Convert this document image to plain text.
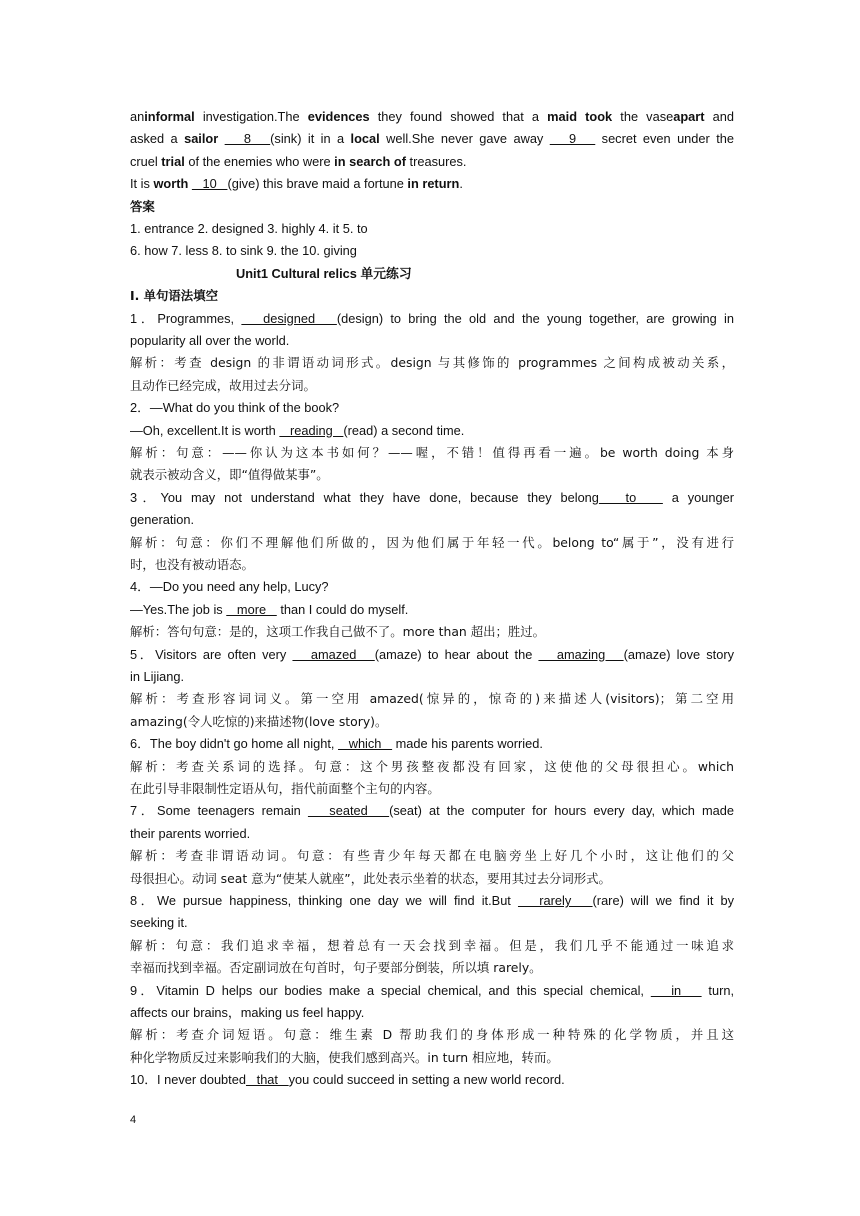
aninformal investigation.The evidences they found showed that a maid took the vaseapart and
asked a sailor    8   (sink) it in a local well.She never gave away    9    secret even under the
cruel trial of the enemies who were in search of treasures.
It is worth    10   (give) this brave maid a fortune in return.
答案
1. entrance 2. designed 3. highly 4. it 5. to
6. how 7. less 8. to sink 9. the 10. giving
Unit1 Cultural relics 单元练习
Ⅰ. 单句语法填空
1．Programmes,    designed   (design) to bring the old and the young together, are growing in
popularity all over the world.
解析：考查 design 的非谓语动词形式。design 与其修饰的 programmes 之间构成被动关系，
且动作已经完成，故用过去分词。
2．—What do you think of the book?
—Oh, excellent.It is worth    reading   (read) a second time.
解析：句意：——你认为这本书如何？——喔，不错！值得再看一遍。be worth doing 本身
就表示被动含义，即“值得做某事”。
3．You may not understand what they have done, because they belong   to    a younger
generation.
解析：句意：你们不理解他们所做的，因为他们属于年轻一代。belong to“属于”，没有进行
时，也没有被动语态。
4．—Do you need any help, Lucy?
—Yes.The job is    more    than I could do myself.
解析：答句句意：是的，这项工作我自己做不了。more than 超出；胜过。
5．Visitors are often very    amazed   (amaze) to hear about the    amazing   (amaze) love story
in Lijiang.
解析：考查形容词词义。第一空用 amazed(惊异的，惊奇的)来描述人(visitors)；第二空用
amazing(令人吃惊的)来描述物(love story)。
6．The boy didn't go home all night,    which    made his parents worried.
解析：考查关系词的选择。句意：这个男孩整夜都没有回家，这使他的父母很担心。which
在此引导非限制性定语从句，指代前面整个主句的内容。
7．Some teenagers remain    seated   (seat) at the computer for hours every day, which made
their parents worried.
解析：考查非谓语动词。句意：有些青少年每天都在电脑旁坐上好几个小时，这让他们的父
母很担心。动词 seat 意为“使某人就座”，此处表示坐着的状态，要用其过去分词形式。
8．We pursue happiness, thinking one day we will find it.But    rarely   (rare) will we find it by
seeking it.
解析：句意：我们追求幸福，想着总有一天会找到幸福。但是，我们几乎不能通过一味追求
幸福而找到幸福。否定副词放在句首时，句子要部分倒装，所以填 rarely。
9．Vitamin D helps our bodies make a special chemical, and this special chemical,    in    turn,
affects our brains，making us feel happy.
解析：考查介词短语。句意：维生素 D 帮助我们的身体形成一种特殊的化学物质，并且这
种化学物质反过来影响我们的大脑，使我们感到高兴。in turn 相应地，转而。
10．I never doubted   that   you could succeed in setting a new world record.
4
